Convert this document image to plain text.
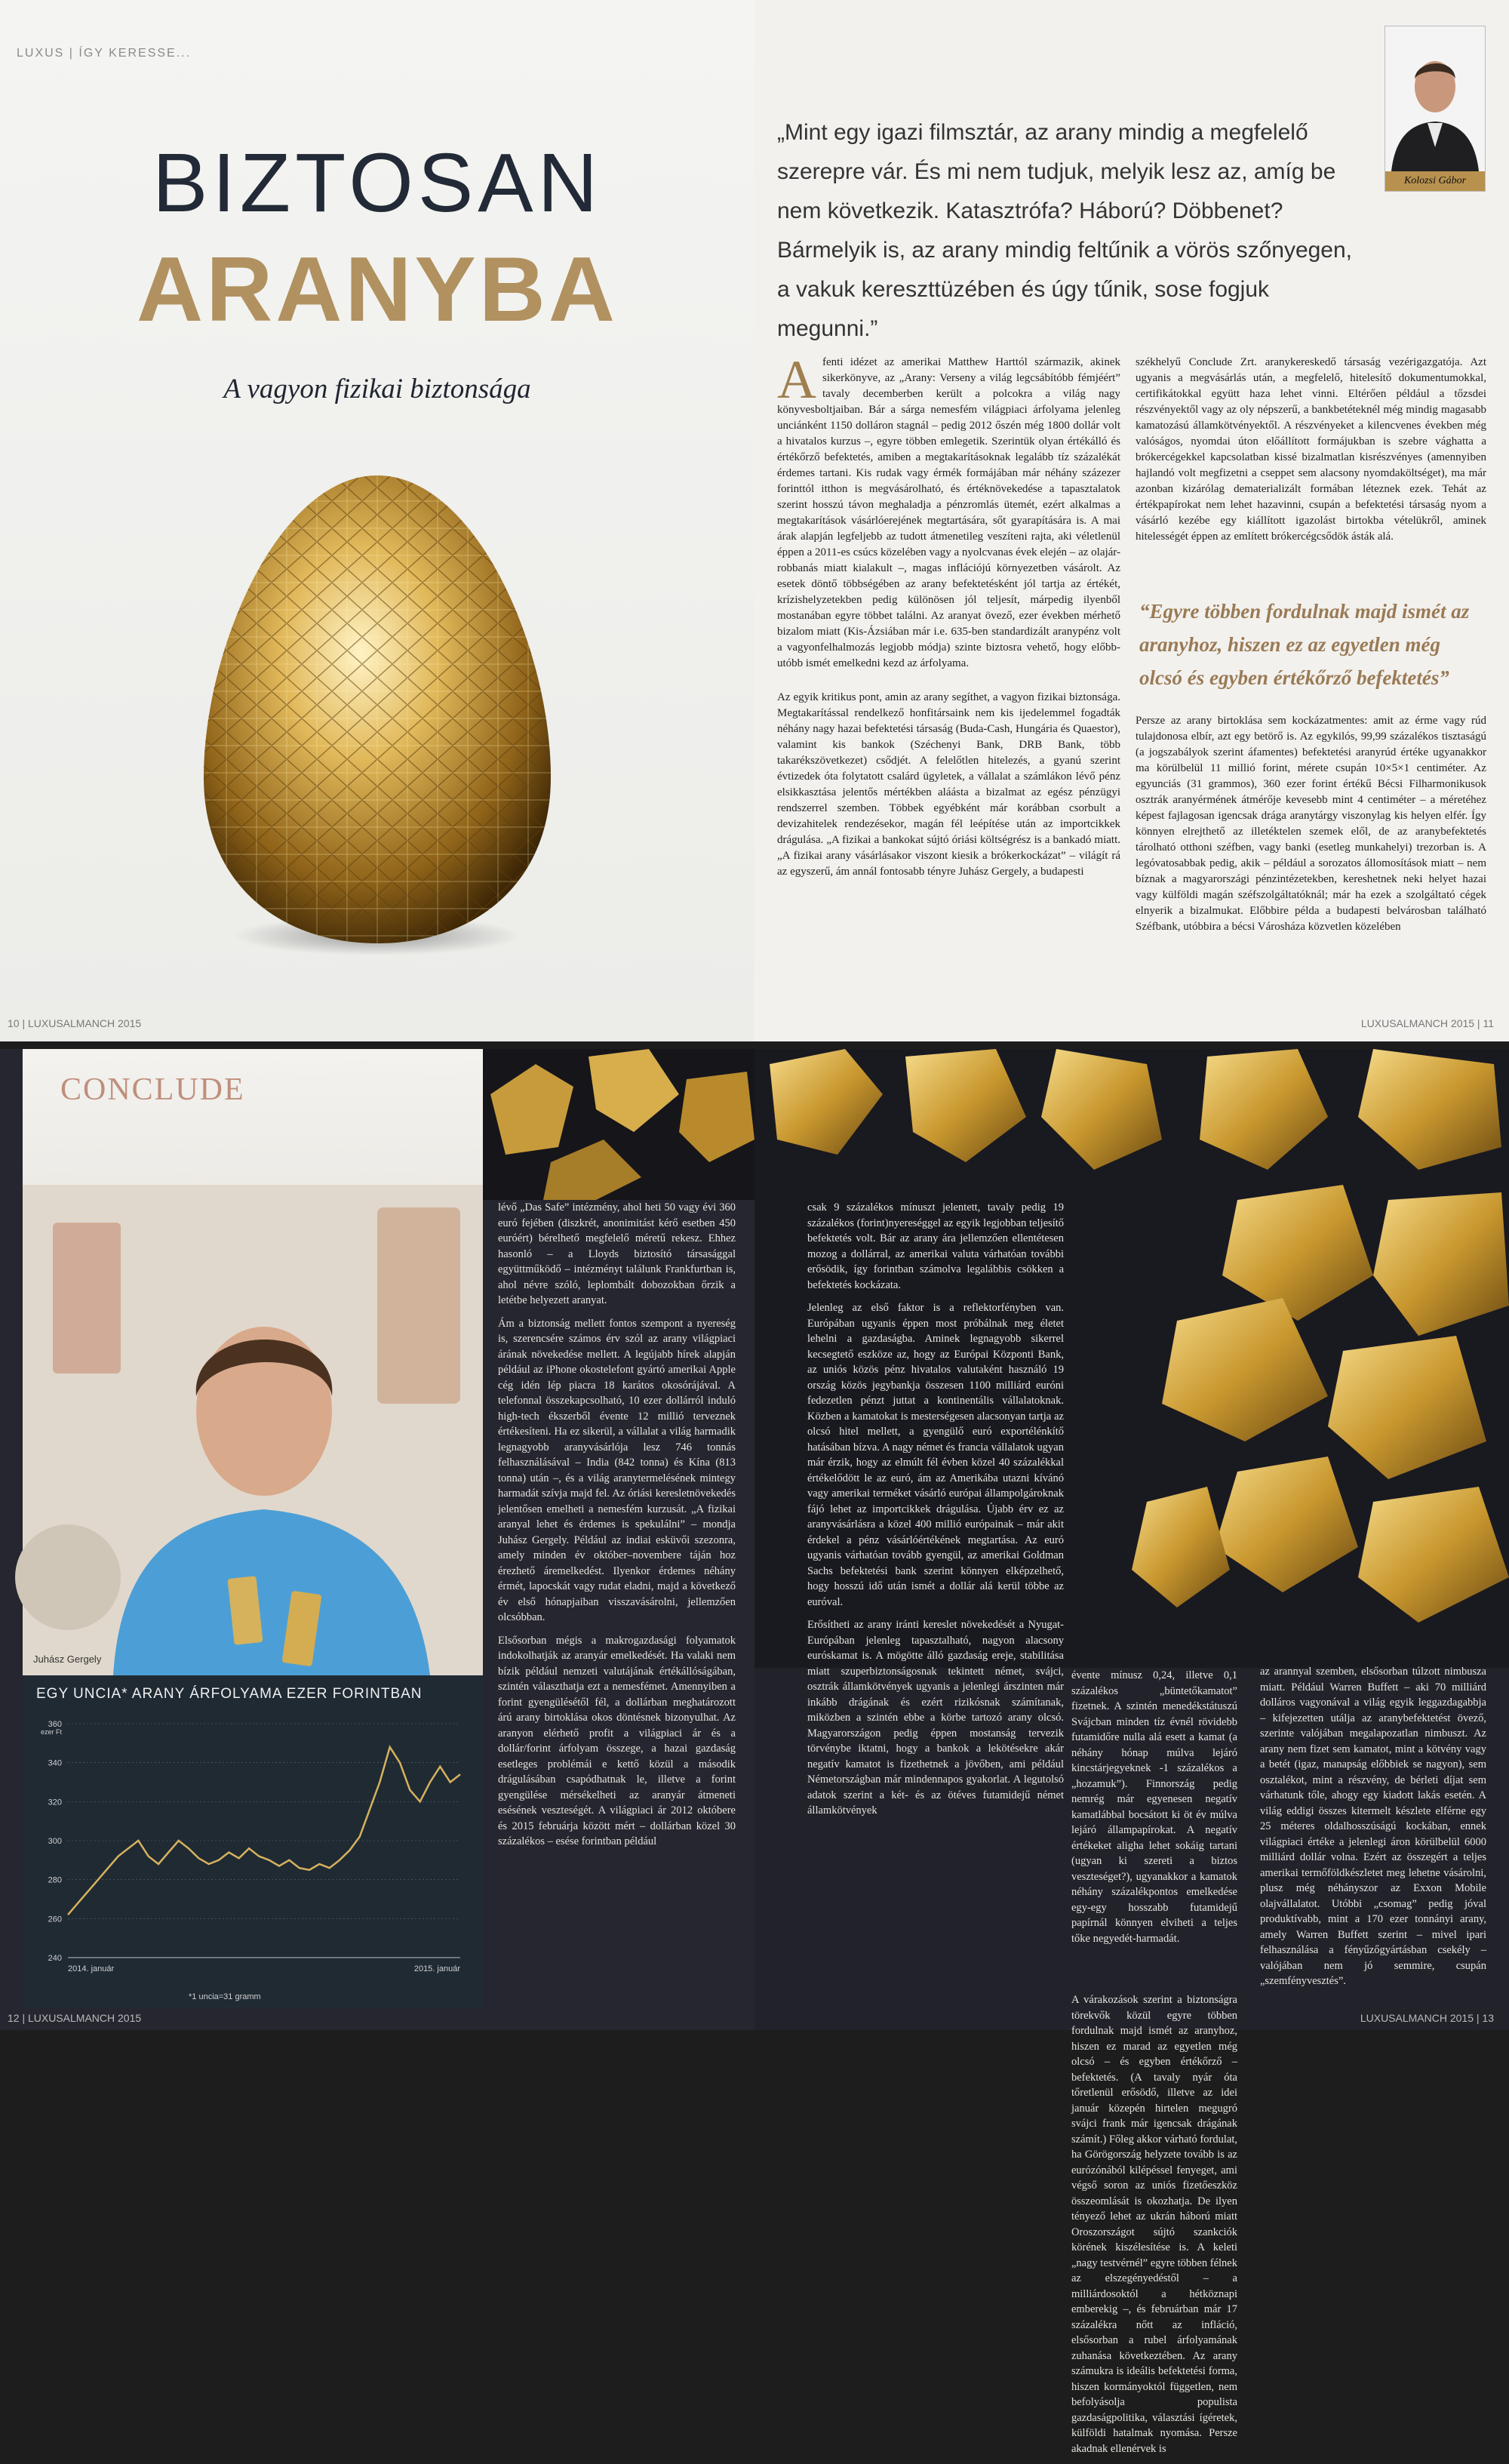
LUXUS | ÍGY KERESSE...
BIZTOSAN
ARANYBA
A vagyon fizikai biztonsága
10 | LUXUSALMANCH 2015
„Mint egy igazi filmsztár, az arany mindig a megfelelő szerepre vár. És mi nem tudjuk, melyik lesz az, amíg be nem következik. Katasztrófa? Háború? Döbbenet? Bármelyik is, az arany mindig feltűnik a vörös szőnyegen, a vakuk kereszttüzében és úgy tűnik, sose fogjuk megunni.”
Kolozsi Gábor
A fenti idézet az amerikai Matthew Harttól származik, akinek sikerkönyve, az „Arany: Verseny a világ legcsábítóbb fémjéért” tavaly decemberben került a polcokra a világ nagy könyvesboltjaiban. Bár a sárga nemesfém világpiaci árfolyama jelenleg unciánként 1150 dolláron stagnál – pedig 2012 őszén még 1800 dollár volt a hivatalos kurzus –, egyre többen emlegetik. Szerintük olyan értékálló és értékőrző befektetés, amiben a megtakarításoknak legalább tíz százalékát érdemes tartani. Kis rudak vagy érmék formájában már néhány százezer forinttól itthon is megvásárolható, és értéknövekedése a tapasztalatok szerint hosszú távon meghaladja a pénzromlás ütemét, ezért alkalmas a megtakarítások vásárlóerejének megtartására, sőt gyarapítására is. A mai árak alapján legfeljebb az tudott átmenetileg veszíteni rajta, aki véletlenül éppen a 2011-es csúcs közelében vagy a nyolcvanas évek elején – az olajár-robbanás miatt kialakult –, magas inflációjú környezetben vásárolt. Az esetek döntő többségében az arany befektetésként jól tartja az értékét, krízishelyzetekben pedig különösen jól teljesít, márpedig ilyenből mostanában egyre többet találni. Az aranyat övező, ezer években mérhető bizalom miatt (Kis-Ázsiában már i.e. 635-ben standardizált aranypénz volt a vagyonfelhalmozás legjobb módja) szinte biztosra vehető, hogy előbb-utóbb ismét emelkedni kezd az árfolyama.

Az egyik kritikus pont, amin az arany segíthet, a vagyon fizikai biztonsága. Megtakarítással rendelkező honfitársaink nem kis ijedelemmel fogadták néhány nagy hazai befektetési társaság (Buda-Cash, Hungária és Quaestor), valamint kis bankok (Széchenyi Bank, DRB Bank, több takarékszövetkezet) csődjét. A felelőtlen hitelezés, a gyanú szerint évtizedek óta folytatott csalárd ügyletek, a vállalat a számlákon lévő pénz elsikkasztása jelentős mértékben aláásta a bizalmat az egész pénzügyi rendszerrel szemben. Többek egyébként már korábban csorbult a devizahitelek rendezésekor, magán fél leépítése után az importcikkek drágulása. „A fizikai a bankokat sújtó óriási költségrész is a bankadó miatt. „A fizikai arany vásárlásakor viszont kiesik a brókerkockázat” – világít rá az egyszerű, ám annál fontosabb tényre Juhász Gergely, a budapesti

székhelyű Conclude Zrt. aranykereskedő társaság vezérigazgatója. Azt ugyanis a megvásárlás után, a megfelelő, hitelesítő dokumentumokkal, certifikátokkal együtt haza lehet vinni. Eltérően például a tőzsdei részvényektől vagy az oly népszerű, a bankbetéteknél még mindig magasabb kamatozású államkötvényektől. A részvényeket a kilencvenes években még valóságos, nyomdai úton előállított formájukban is szebre vághatta a brókercégekkel kapcsolatban kissé bizalmatlan kisrészvényes (amennyiben hajlandó volt megfizetni a cseppet sem alacsony nyomdaköltséget), ma már azonban kizárólag dematerializált formában léteznek ezek. Tehát az értékpapírokat nem lehet hazavinni, csupán a befektetési társaság nyom a vásárló kezébe egy kiállított igazolást birtokba vételükről, aminek hitelességét éppen az említett brókercégcsődök ásták alá.

“Egyre többen fordulnak majd ismét az aranyhoz, hiszen ez az egyetlen még olcsó és egyben értékőrző befektetés”

Persze az arany birtoklása sem kockázatmentes: amit az érme vagy rúd tulajdonosa elbír, azt egy betörő is. Az egykilós, 99,99 százalékos tisztaságú (a jogszabályok szerint áfamentes) befektetési aranyrúd értéke ugyanakkor ma körülbelül 11 millió forint, mérete csupán 10×5×1 centiméter. Az egyunciás (31 grammos), 360 ezer forint értékű Bécsi Filharmonikusok osztrák aranyérmének átmérője kevesebb mint 4 centiméter – a méretéhez képest fajlagosan igencsak drága aranytárgy viszonylag kis helyen elfér. Így könnyen elrejthető az illetéktelen szemek elől, de az aranybefektetés tárolható otthoni széfben, vagy banki (esetleg munkahelyi) trezorban is. A legóvatosabbak pedig, akik – például a sorozatos állomosítások miatt – nem bíznak a magyarországi pénzintézetekben, kereshetnek neki helyet hazai vagy külföldi magán széfszolgáltatóknál; már ha ezek a szolgáltató cégek elnyerik a bizalmukat. Előbbire példa a budapesti belvárosban található Széfbank, utóbbira a bécsi Városháza közvetlen közelében

LUXUSALMANCH 2015 | 11
CONCLUDE
Juhász Gergely
EGY UNCIA* ARANY ÁRFOLYAMA EZER FORINTBAN
240
260
280
300
320
340
360
ezer Ft
2014. január	2015. január
*1 uncia=31 gramm

lévő „Das Safe” intézmény, ahol heti 50 vagy évi 360 euró fejében (diszkrét, anonimitást kérő esetben 450 euróért) bérelhető megfelelő méretű rekesz. Ehhez hasonló – a Lloyds biztosító társasággal együttműködő – intézményt találunk Frankfurtban is, ahol névre szóló, leplombált dobozokban őrzik a letétbe helyezett aranyat.

Ám a biztonság mellett fontos szempont a nyereség is, szerencsére számos érv szól az arany világpiaci árának növekedése mellett. A legújabb hírek alapján például az iPhone okostelefont gyártó amerikai Apple cég idén lép piacra 18 karátos okosórájával. A telefonnal összekapcsolható, 10 ezer dollárról induló high-tech ékszerből évente 12 millió terveznek értékesíteni. Ha ez sikerül, a vállalat a világ harmadik legnagyobb aranyvásárlója lesz 746 tonnás felhasználásával – India (842 tonna) és Kína (813 tonna) után –, és a világ aranytermelésének mintegy harmadát szívja majd fel. Az óriási keresletnövekedés jelentősen emelheti a nemesfém kurzusát. „A fizikai aranyal lehet és érdemes is spekulálni” – mondja Juhász Gergely. Például az indiai esküvői szezonra, amely minden év október–novembere táján hoz érezhető áremelkedést. Ilyenkor érdemes néhány érmét, lapocskát vagy rudat eladni, majd a következő év első hónapjaiban visszavásárolni, jellemzően olcsóbban.

Elsősorban mégis a makrogazdasági folyamatok indokolhatják az aranyár emelkedését. Ha valaki nem bízik például nemzeti valutájának értékállóságában, szintén választhatja ezt a nemesfémet. Amennyiben a forint gyengülésétől fél, a dollárban meghatározott árú arany birtoklása okos döntésnek bizonyulhat. Az aranyon elérhető profit a világpiaci ár és a dollár/forint árfolyam összege, a hazai gazdaság esetleges problémái e kettő közül a második drágulásában csapódhatnak le, illetve a forint gyengülése mérsékelheti az aranyár átmeneti esésének veszteségét. A világpiaci ár 2012 októbere és 2015 februárja között mért – dollárban közel 30 százalékos – esése forintban például

12 | LUXUSALMANCH 2015

csak 9 százalékos mínuszt jelentett, tavaly pedig 19 százalékos (forint)nyereséggel az egyik legjobban teljesítő befektetés volt. Bár az arany ára jellemzően ellentétesen mozog a dollárral, az amerikai valuta várhatóan további erősödik, így forintban számolva legalábbis csökken a befektetés kockázata.

Jelenleg az első faktor is a reflektorfényben van. Európában ugyanis éppen most próbálnak meg életet lehelni a gazdaságba. Aminek legnagyobb sikerrel kecsegtető eszköze az, hogy az Európai Központi Bank, az uniós közös pénz hivatalos valutaként használó 19 ország közös jegybankja összesen 1100 milliárd euróni fedezetlen pénzt juttat a kontinentális vállalatoknak. Közben a kamatokat is mesterségesen alacsonyan tartja az olcsó hitel mellett, a gyengülő euró exportélénkítő hatásában bízva. A nagy német és francia vállalatok ugyan már érzik, hogy az elmúlt fél évben közel 40 százalékkal értékelődött le az euró, ám az Amerikába utazni kívánó vagy amerikai terméket vásárló európai állampolgároknak fájó lehet az importcikkek drágulása. Újabb érv ez az aranyvásárlásra a közel 400 millió európainak – már akit érdekel a pénz vásárlóértékének megtartása. Az euró ugyanis várhatóan tovább gyengül, az amerikai Goldman Sachs befektetési bank szerint könnyen elképzelhető, hogy hosszú idő után ismét a dollár alá kerül többe az euróval.

Erősítheti az arany iránti kereslet növekedését a Nyugat-Európában jelenleg tapasztalható, nagyon alacsony euróskamat is. A mögötte álló gazdaság ereje, stabilitása miatt szuperbiztonságosnak tekintett német, svájci, osztrák államkötvények ugyanis a jelenlegi árszinten már inkább drágának és ezért rizikósnak számítanak, miközben a szintén ebbe a körbe tartozó arany olcsó. Magyarországon pedig éppen mostanság tervezik törvénybe iktatni, hogy a bankok a lekötésekre akár negatív kamatot is fizethetnek a jövőben, ami például Németországban már mindennapos gyakorlat. A legutolsó adatok szerint a két- és az ötéves futamidejű német államkötvények

évente mínusz 0,24, illetve 0,1 százalékos „büntetőkamatot” fizetnek. A szintén menedékstátuszú Svájcban minden tíz évnél rövidebb futamidőre nulla alá esett a kamat (a néhány hónap múlva lejáró kincstárjegyeknek -1 százalékos a „hozamuk”). Finnország pedig nemrég már egyenesen negatív kamatlábbal bocsátott ki öt év múlva lejáró állampapírokat. A negatív értékeket aligha lehet sokáig tartani (ugyan ki szereti a biztos veszteséget?), ugyanakkor a kamatok néhány százalékpontos emelkedése egy-egy hosszabb futamidejű papírnál könnyen elviheti a teljes tőke negyedét-harmadát.

A várakozások szerint a biztonságra törekvők közül egyre többen fordulnak majd ismét az aranyhoz, hiszen ez marad az egyetlen még olcsó – és egyben értékőrző – befektetés. (A tavaly nyár óta tőretlenül erősödő, illetve az idei január közepén hirtelen megugró svájci frank már igencsak drágának számít.) Főleg akkor várható fordulat, ha Görögország helyzete tovább is az eurózónából kilépéssel fenyeget, ami végső soron az uniós fizetőeszköz összeomlását is okozhatja. De ilyen tényező lehet az ukrán háború miatt Oroszországot sújtó szankciók körének kiszélesítése is. A keleti „nagy testvérnél” egyre többen félnek az elszegényedéstől – a milliárdosoktól a hétköznapi emberekig –, és februárban már 17 százalékra nőtt az infláció, elsősorban a rubel árfolyamának zuhanása következtében. Az arany számukra is ideális befektetési forma, hiszen kormányoktól független, nem befolyásolja populista gazdaságpolitika, választási ígéretek, külföldi hatalmak nyomása. Persze akadnak ellenérvek is

az arannyal szemben, elsősorban túlzott nimbusza miatt. Például Warren Buffett – aki 70 milliárd dolláros vagyonával a világ egyik leggazdagabbja – kifejezetten utálja az aranybefektetést övező, szerinte valójában megalapozatlan nimbuszt. Az arany nem fizet sem kamatot, mint a kötvény vagy a betét (igaz, manapság előbbiek se nagyon), sem osztalékot, mint a részvény, de bérleti díjat sem várhatunk tőle, ahogy egy kiadott lakás esetén. A világ eddigi összes kitermelt készlete elférne egy 25 méteres oldalhosszúságú kockában, ennek világpiaci értéke a jelenlegi áron körülbelül 6000 milliárd dollár volna. Ezért az összegért a teljes amerikai termőföldkészletet meg lehetne vásárolni, plusz még néhányszor az Exxon Mobile olajvállalatot. Utóbbi „csomag” pedig jóval produktívabb, mint a 170 ezer tonnányi arany, amely Warren Buffett szerint – mivel ipari felhasználása a fényűzőgyártásban csekély – valójában nem jó semmire, csupán „szemfényvesztés”.

LUXUSALMANCH 2015 | 13
